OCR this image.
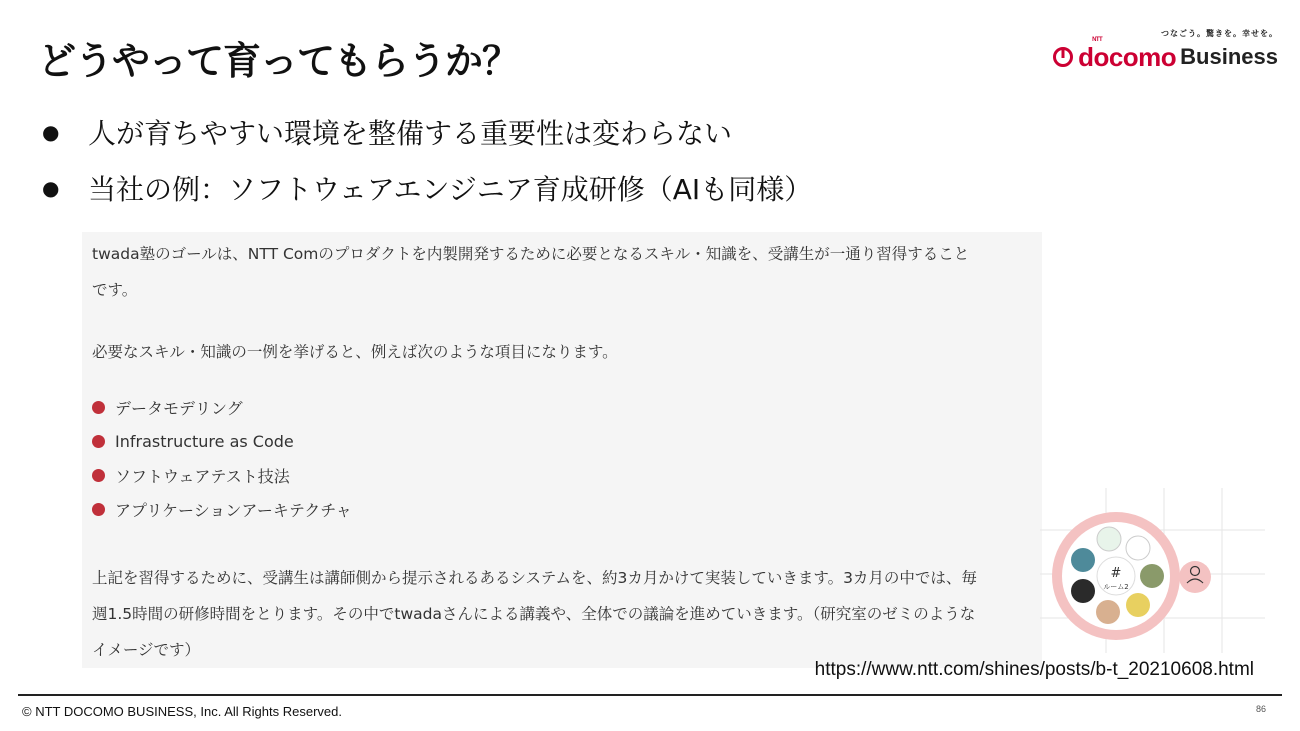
どうやって育ってもらうか？
つなごう。驚きを。幸せを。
NTT
docomo Business
●	人が育ちやすい環境を整備する重要性は変わらない
●	当社の例：ソフトウェアエンジニア育成研修（AIも同様）
twada塾のゴールは、NTT Comのプロダクトを内製開発するために必要となるスキル・知識を、受講生が一通り習得すること
です。
必要なスキル・知識の一例を挙げると、例えば次のような項目になります。
データモデリング
Infrastructure as Code
ソフトウェアテスト技法
アプリケーションアーキテクチャ
上記を習得するために、受講生は講師側から提示されるあるシステムを、約3カ月かけて実装していきます。3カ月の中では、毎
週1.5時間の研修時間をとります。その中でtwadaさんによる講義や、全体での議論を進めていきます。（研究室のゼミのような
イメージです）
#
ルーム2
https://www.ntt.com/shines/posts/b-t_20210608.html
© NTT DOCOMO BUSINESS, Inc. All Rights Reserved.	86
